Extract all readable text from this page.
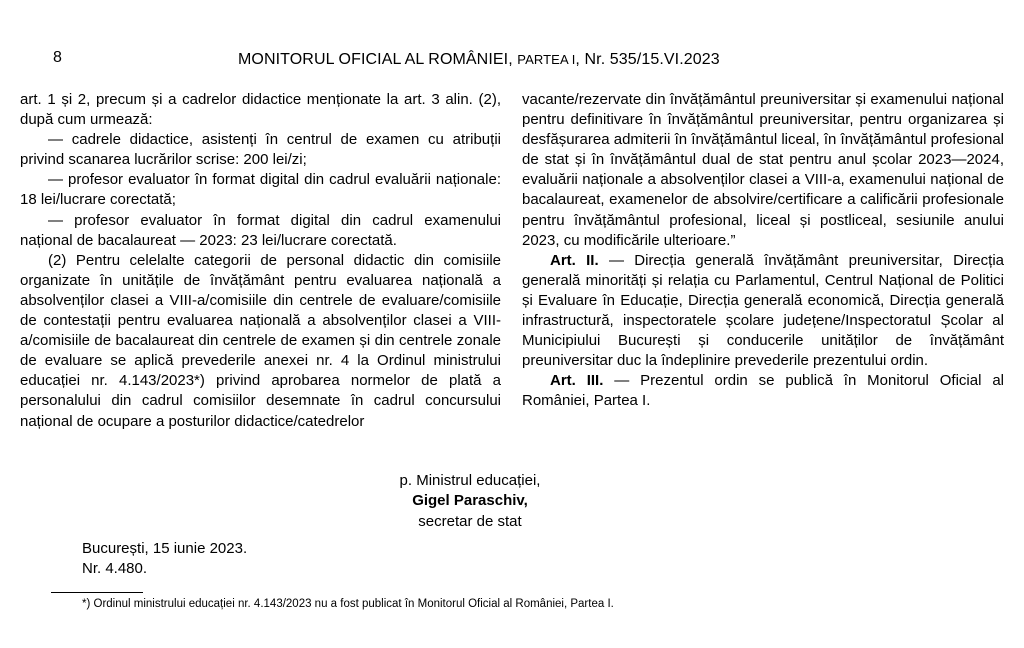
8	MONITORUL OFICIAL AL ROMÂNIEI, PARTEA I, Nr. 535/15.VI.2023

art. 1 și 2, precum și a cadrelor didactice menționate la art. 3 alin. (2), după cum urmează:

— cadrele didactice, asistenți în centrul de examen cu atribuții privind scanarea lucrărilor scrise: 200 lei/zi;

— profesor evaluator în format digital din cadrul evaluării naționale: 18 lei/lucrare corectată;

— profesor evaluator în format digital din cadrul examenului național de bacalaureat — 2023: 23 lei/lucrare corectată.

(2) Pentru celelalte categorii de personal didactic din comisiile organizate în unitățile de învățământ pentru evaluarea națională a absolvenților clasei a VIII-a/comisiile din centrele de evaluare/comisiile de contestații pentru evaluarea națională a absolvenților clasei a VIII-a/comisiile de bacalaureat din centrele de examen și din centrele zonale de evaluare se aplică prevederile anexei nr. 4 la Ordinul ministrului educației nr. 4.143/2023*) privind aprobarea normelor de plată a personalului din cadrul comisiilor desemnate în cadrul concursului național de ocupare a posturilor didactice/catedrelor

vacante/rezervate din învățământul preuniversitar și examenului național pentru definitivare în învățământul preuniversitar, pentru organizarea și desfășurarea admiterii în învățământul liceal, în învățământul profesional de stat și în învățământul dual de stat pentru anul școlar 2023—2024, evaluării naționale a absolvenților clasei a VIII-a, examenului național de bacalaureat, examenelor de absolvire/certificare a calificării profesionale pentru învățământul profesional, liceal și postliceal, sesiunile anului 2023, cu modificările ulterioare.”

Art. II. — Direcția generală învățământ preuniversitar, Direcția generală minorități și relația cu Parlamentul, Centrul Național de Politici și Evaluare în Educație, Direcția generală economică, Direcția generală infrastructură, inspectoratele școlare județene/Inspectoratul Școlar al Municipiului București și conducerile unităților de învățământ preuniversitar duc la îndeplinire prevederile prezentului ordin.

Art. III. — Prezentul ordin se publică în Monitorul Oficial al României, Partea I.

p. Ministrul educației,
Gigel Paraschiv,
secretar de stat
București, 15 iunie 2023.
Nr. 4.480.
*) Ordinul ministrului educației nr. 4.143/2023 nu a fost publicat în Monitorul Oficial al României, Partea I.
